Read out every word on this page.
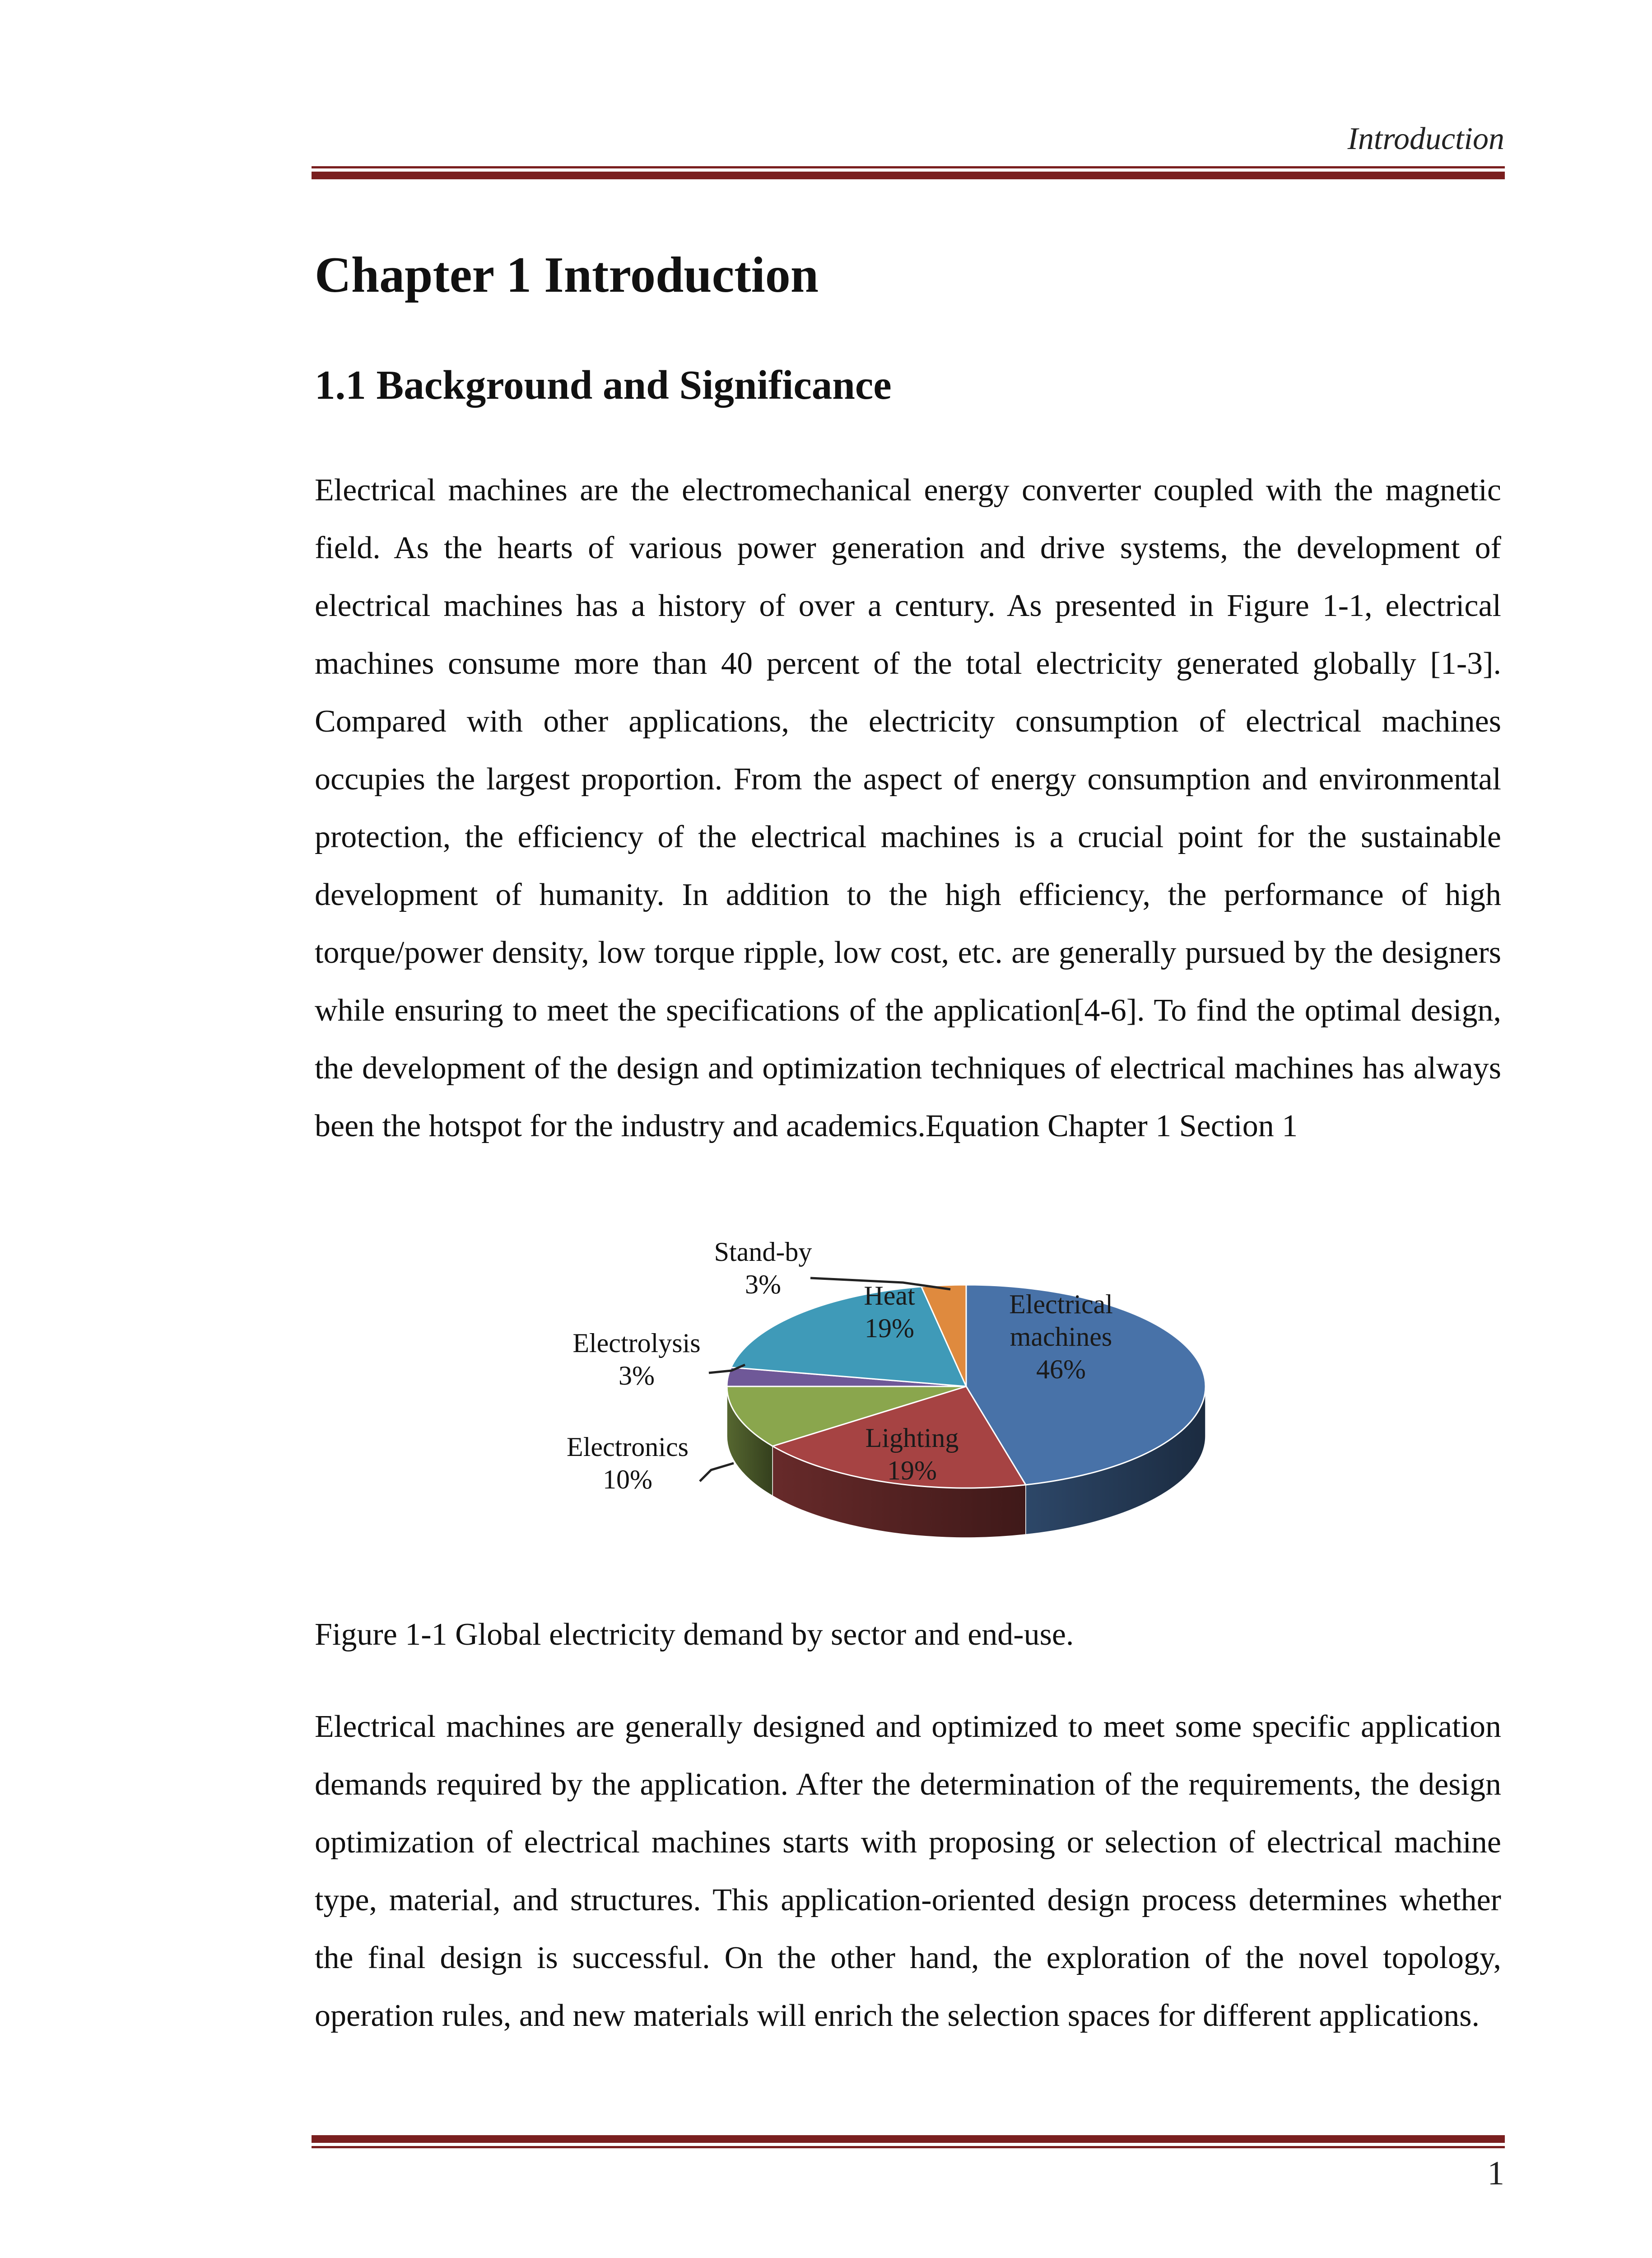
Introduction
Chapter 1 Introduction
1.1 Background and Significance

Electrical machines are the electromechanical energy converter coupled with the magnetic field. As the hearts of various power generation and drive systems, the development of electrical machines has a history of over a century. As presented in Figure 1-1, electrical machines consume more than 40 percent of the total electricity generated globally [1-3]. Compared with other applications, the electricity consumption of electrical machines occupies the largest proportion. From the aspect of energy consumption and environmental protection, the efficiency of the electrical machines is a crucial point for the sustainable development of humanity. In addition to the high efficiency, the performance of high torque/power density, low torque ripple, low cost, etc. are generally pursued by the designers while ensuring to meet the specifications of the application[4-6]. To find the optimal design, the development of the design and optimization techniques of electrical machines has always been the hotspot for the industry and academics.Equation Chapter 1 Section 1

Electrical machines 46%
Lighting 19%
Electronics 10%
Electrolysis 3%
Heat 19%
Stand-by 3%

Figure 1-1 Global electricity demand by sector and end-use.

Electrical machines are generally designed and optimized to meet some specific application demands required by the application. After the determination of the requirements, the design optimization of electrical machines starts with proposing or selection of electrical machine type, material, and structures. This application-oriented design process determines whether the final design is successful. On the other hand, the exploration of the novel topology, operation rules, and new materials will enrich the selection spaces for different applications.

1
